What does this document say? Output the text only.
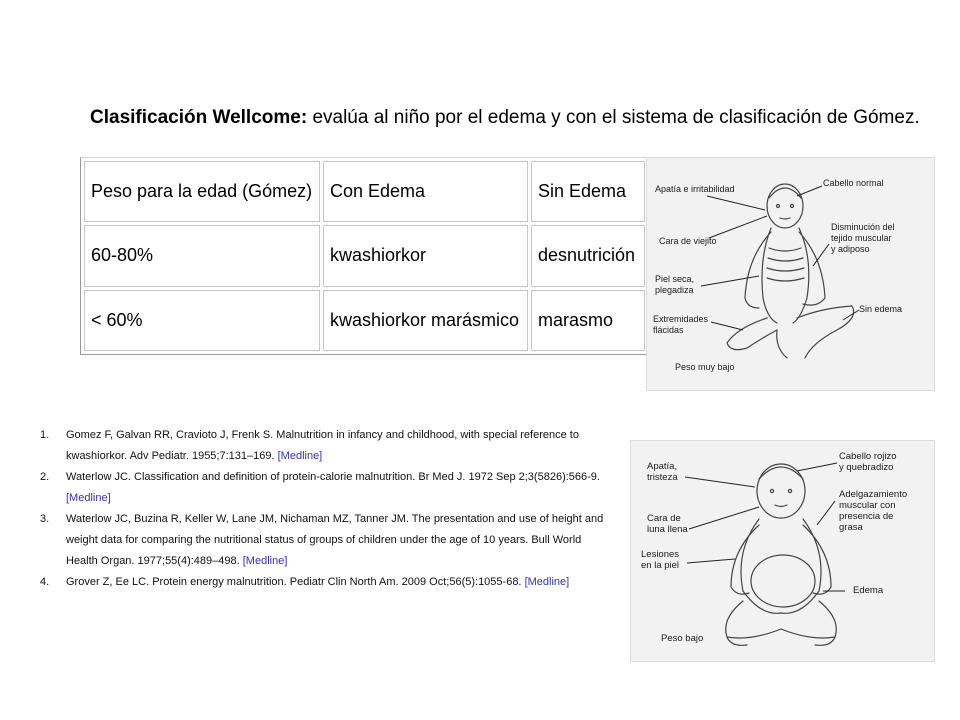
Clasificación Wellcome: evalúa al niño por el edema y con el sistema de clasificación de Gómez.
Peso para la edad (Gómez)	Con Edema	Sin Edema
60-80%	kwashiorkor	desnutrición
< 60%	kwashiorkor marásmico	marasmo
Apatía e irritabilidad
Cabello normal
Cara de viejito
Disminución del
tejido muscular
y adiposo
Piel seca,
plegadiza
Sin edema
Extremidades
flácidas
Peso muy bajo
Apatía,
tristeza
Cabello rojizo
y quebradizo
Adelgazamiento
muscular con
presencia de
grasa
Cara de
luna llena
Lesiones
en la piel
Edema
Peso bajo
1. Gomez F, Galvan RR, Cravioto J, Frenk S. Malnutrition in infancy and childhood, with special reference to kwashiorkor. Adv Pediatr. 1955;7:131–169. [Medline]
2. Waterlow JC. Classification and definition of protein-calorie malnutrition. Br Med J. 1972 Sep 2;3(5826):566-9. [Medline]
3. Waterlow JC, Buzina R, Keller W, Lane JM, Nichaman MZ, Tanner JM. The presentation and use of height and weight data for comparing the nutritional status of groups of children under the age of 10 years. Bull World Health Organ. 1977;55(4):489–498. [Medline]
4. Grover Z, Ee LC. Protein energy malnutrition. Pediatr Clin North Am. 2009 Oct;56(5):1055-68. [Medline]
